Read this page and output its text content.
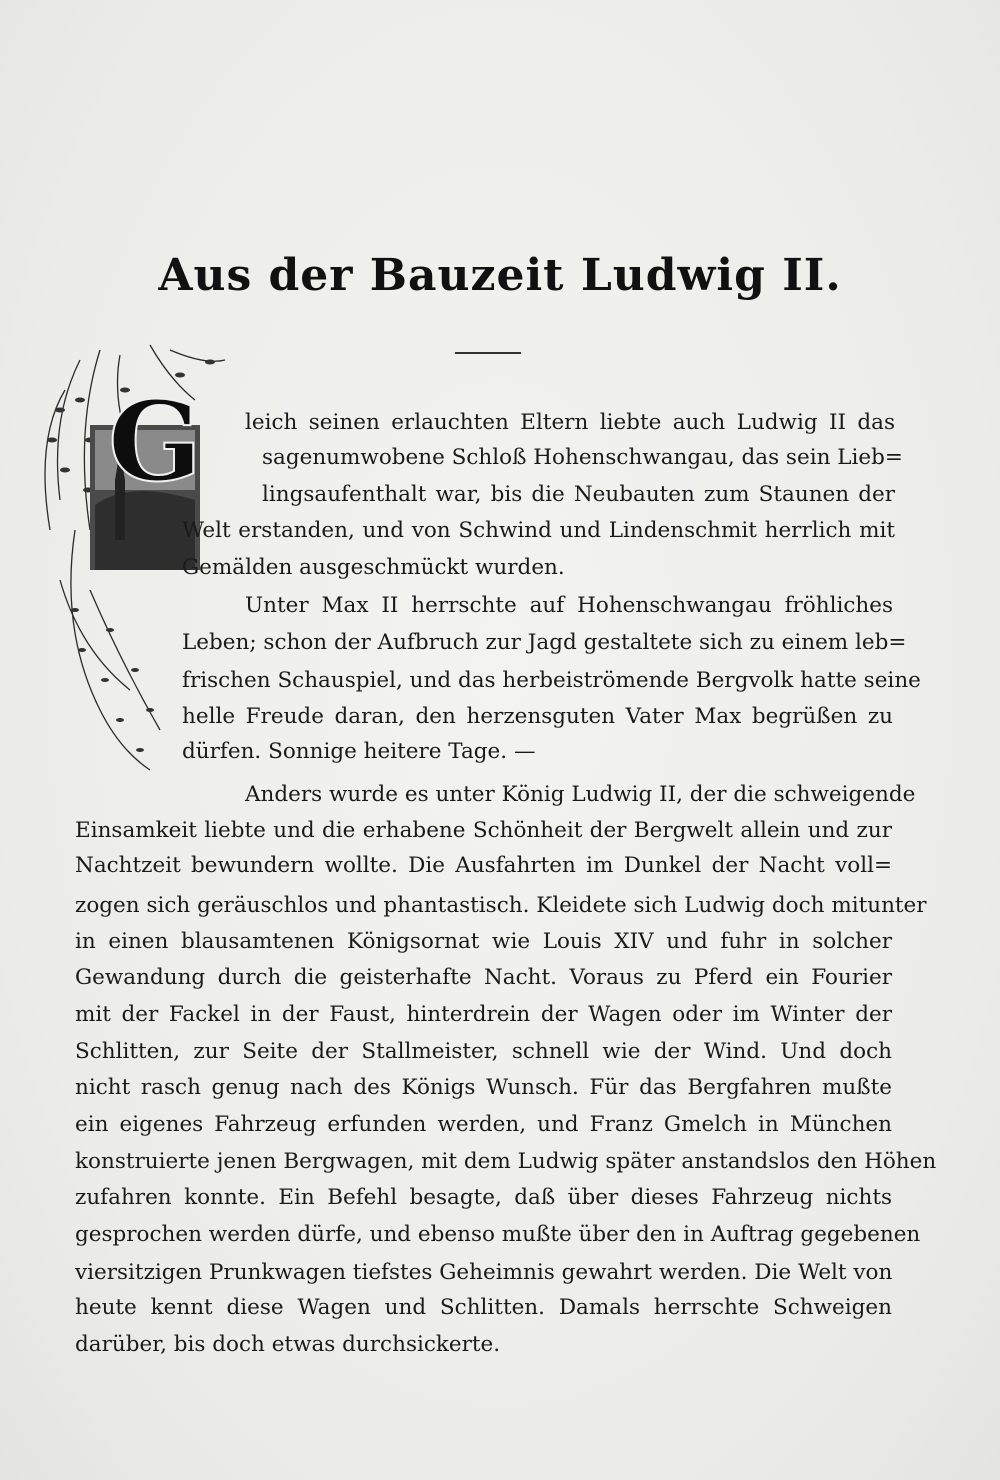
Aus der Bauzeit Ludwig II.
G leich seinen erlauchten Eltern liebte auch Ludwig II das
sagenumwobene Schloß Hohenschwangau, das sein Lieb=
lingsaufenthalt war, bis die Neubauten zum Staunen der
Welt erstanden, und von Schwind und Lindenschmit herrlich mit
Gemälden ausgeschmückt wurden.
Unter Max II herrschte auf Hohenschwangau fröhliches
Leben; schon der Aufbruch zur Jagd gestaltete sich zu einem leb=
frischen Schauspiel, und das herbeiströmende Bergvolk hatte seine
helle Freude daran, den herzensguten Vater Max begrüßen zu
dürfen. Sonnige heitere Tage. —
Anders wurde es unter König Ludwig II, der die schweigende
Einsamkeit liebte und die erhabene Schönheit der Bergwelt allein und zur
Nachtzeit bewundern wollte. Die Ausfahrten im Dunkel der Nacht voll=
zogen sich geräuschlos und phantastisch. Kleidete sich Ludwig doch mitunter
in einen blausamtenen Königsornat wie Louis XIV und fuhr in solcher
Gewandung durch die geisterhafte Nacht. Voraus zu Pferd ein Fourier
mit der Fackel in der Faust, hinterdrein der Wagen oder im Winter der
Schlitten, zur Seite der Stallmeister, schnell wie der Wind. Und doch
nicht rasch genug nach des Königs Wunsch. Für das Bergfahren mußte
ein eigenes Fahrzeug erfunden werden, und Franz Gmelch in München
konstruierte jenen Bergwagen, mit dem Ludwig später anstandslos den Höhen
zufahren konnte. Ein Befehl besagte, daß über dieses Fahrzeug nichts
gesprochen werden dürfe, und ebenso mußte über den in Auftrag gegebenen
viersitzigen Prunkwagen tiefstes Geheimnis gewahrt werden. Die Welt von
heute kennt diese Wagen und Schlitten. Damals herrschte Schweigen
darüber, bis doch etwas durchsickerte.
